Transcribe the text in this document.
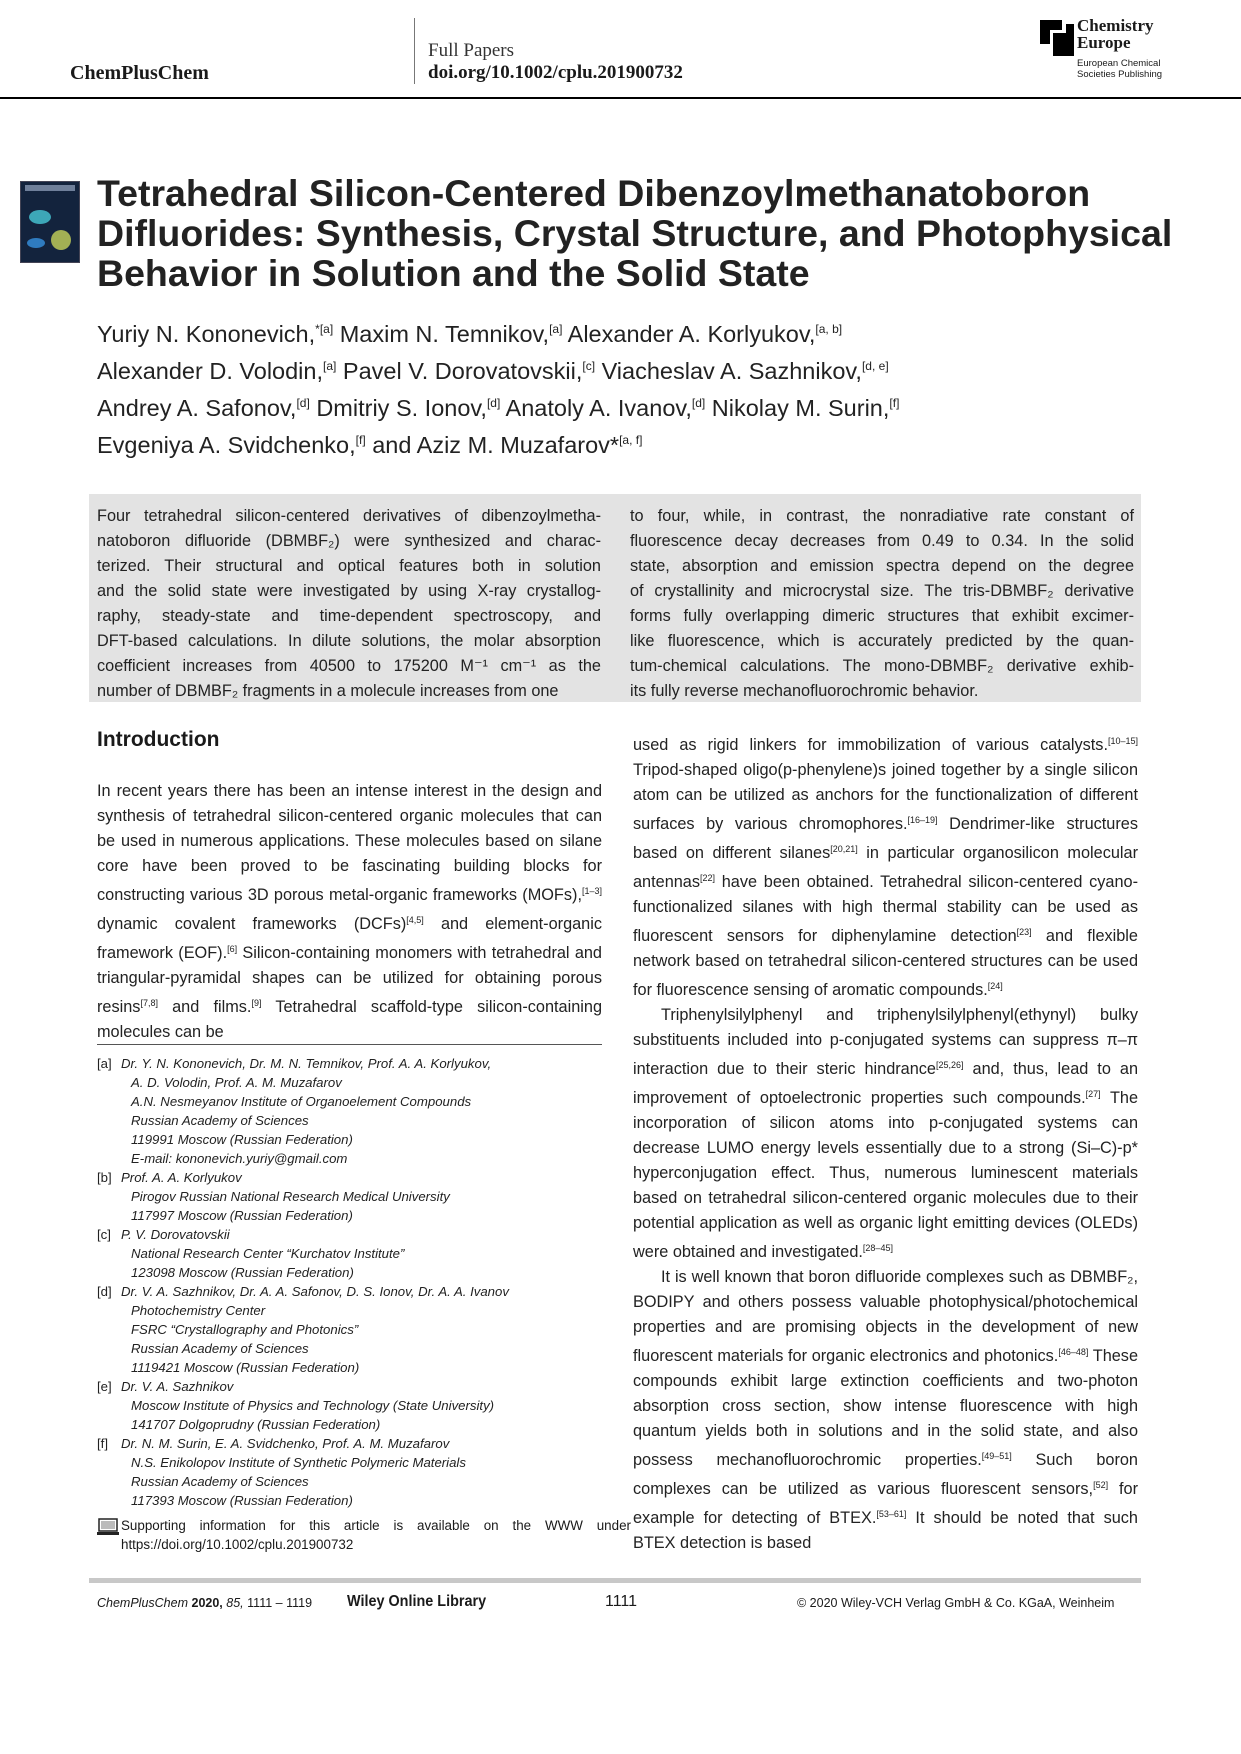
ChemPlusChem
Full Papers
doi.org/10.1002/cplu.201900732
Chemistry
Europe
European Chemical
Societies Publishing
Tetrahedral Silicon-Centered Dibenzoylmethanatoboron
Difluorides: Synthesis, Crystal Structure, and Photophysical
Behavior in Solution and the Solid State
Yuriy N. Kononevich,$^{*[a]}$ Maxim N. Temnikov,[a] Alexander A. Korlyukov,[a, b]
Alexander D. Volodin,[a] Pavel V. Dorovatovskii,[c] Viacheslav A. Sazhnikov,[d, e]
Andrey A. Safonov,[d] Dmitriy S. Ionov,[d] Anatoly A. Ivanov,[d] Nikolay M. Surin,[f]
Evgeniya A. Svidchenko,[f] and Aziz M. Muzafarov*[a, f]
Four tetrahedral silicon-centered derivatives of dibenzoylmetha-
natoboron difluoride (DBMBF₂) were synthesized and charac-
terized. Their structural and optical features both in solution
and the solid state were investigated by using X-ray crystallog-
raphy, steady-state and time-dependent spectroscopy, and
DFT-based calculations. In dilute solutions, the molar absorption
coefficient increases from 40500 to 175200 M⁻¹ cm⁻¹ as the
number of DBMBF₂ fragments in a molecule increases from one
to four, while, in contrast, the nonradiative rate constant of
fluorescence decay decreases from 0.49 to 0.34. In the solid
state, absorption and emission spectra depend on the degree
of crystallinity and microcrystal size. The tris-DBMBF₂ derivative
forms fully overlapping dimeric structures that exhibit excimer-
like fluorescence, which is accurately predicted by the quan-
tum-chemical calculations. The mono-DBMBF₂ derivative exhib-
its fully reverse mechanofluorochromic behavior.
Introduction

In recent years there has been an intense interest in the design and synthesis of tetrahedral silicon-centered organic molecules that can be used in numerous applications. These molecules based on silane core have been proved to be fascinating building blocks for constructing various 3D porous metal-organic frameworks (MOFs),[1–3] dynamic covalent frameworks (DCFs)[4,5] and element-organic framework (EOF).[6] Silicon-containing monomers with tetrahedral and triangular-pyramidal shapes can be utilized for obtaining porous resins[7,8] and films.[9] Tetrahedral scaffold-type silicon-containing molecules can be

used as rigid linkers for immobilization of various catalysts.[10–15] Tripod-shaped oligo(p-phenylene)s joined together by a single silicon atom can be utilized as anchors for the functionalization of different surfaces by various chromophores.[16–19] Dendrimer-like structures based on different silanes[20,21] in particular organosilicon molecular antennas[22] have been obtained. Tetrahedral silicon-centered cyano-functionalized silanes with high thermal stability can be used as fluorescent sensors for diphenylamine detection[23] and flexible network based on tetrahedral silicon-centered structures can be used for fluorescence sensing of aromatic compounds.[24]

Triphenylsilylphenyl and triphenylsilylphenyl(ethynyl) bulky substituents included into p-conjugated systems can suppress π–π interaction due to their steric hindrance[25,26] and, thus, lead to an improvement of optoelectronic properties such compounds.[27] The incorporation of silicon atoms into p-conjugated systems can decrease LUMO energy levels essentially due to a strong (Si–C)-p* hyperconjugation effect. Thus, numerous luminescent materials based on tetrahedral silicon-centered organic molecules due to their potential application as well as organic light emitting devices (OLEDs) were obtained and investigated.[28–45]

It is well known that boron difluoride complexes such as DBMBF₂, BODIPY and others possess valuable photophysical/photochemical properties and are promising objects in the development of new fluorescent materials for organic electronics and photonics.[46–48] These compounds exhibit large extinction coefficients and two-photon absorption cross section, show intense fluorescence with high quantum yields both in solutions and in the solid state, and also possess mechanofluorochromic properties.[49–51] Such boron complexes can be utilized as various fluorescent sensors,[52] for example for detecting of BTEX.[53–61] It should be noted that such BTEX detection is based

[a] Dr. Y. N. Kononevich, Dr. M. N. Temnikov, Prof. A. A. Korlyukov,
A. D. Volodin, Prof. A. M. Muzafarov
A.N. Nesmeyanov Institute of Organoelement Compounds
Russian Academy of Sciences
119991 Moscow (Russian Federation)
E-mail: kononevich.yuriy@gmail.com
[b] Prof. A. A. Korlyukov
Pirogov Russian National Research Medical University
117997 Moscow (Russian Federation)
[c] P. V. Dorovatovskii
National Research Center “Kurchatov Institute”
123098 Moscow (Russian Federation)
[d] Dr. V. A. Sazhnikov, Dr. A. A. Safonov, D. S. Ionov, Dr. A. A. Ivanov
Photochemistry Center
FSRC “Crystallography and Photonics”
Russian Academy of Sciences
1119421 Moscow (Russian Federation)
[e] Dr. V. A. Sazhnikov
Moscow Institute of Physics and Technology (State University)
141707 Dolgoprudny (Russian Federation)
[f] Dr. N. M. Surin, E. A. Svidchenko, Prof. A. M. Muzafarov
N.S. Enikolopov Institute of Synthetic Polymeric Materials
Russian Academy of Sciences
117393 Moscow (Russian Federation)
Supporting information for this article is available on the WWW under https://doi.org/10.1002/cplu.201900732
ChemPlusChem 2020, 85, 1111 – 1119 Wiley Online Library	1111	© 2020 Wiley-VCH Verlag GmbH & Co. KGaA, Weinheim
